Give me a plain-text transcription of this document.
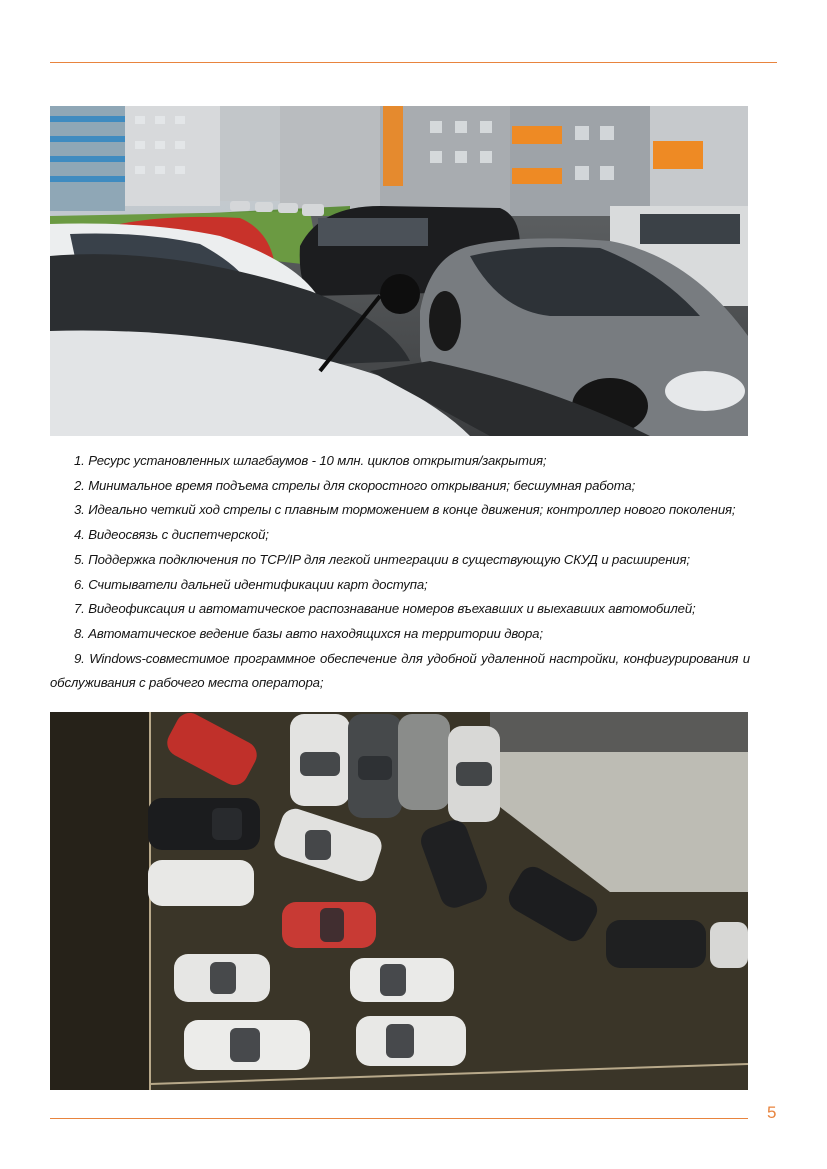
1. Ресурс установленных шлагбаумов - 10 млн. циклов открытия/закрытия;
2. Минимальное время подъема стрелы для скоростного открывания; бесшумная работа;
3. Идеально четкий ход стрелы с плавным торможением в конце движения; контроллер нового поколения;
4. Видеосвязь с диспетчерской;
5. Поддержка подключения по TCP/IP для легкой интеграции в существующую СКУД и расширения;
6. Считыватели дальней идентификации карт доступа;
7. Видеофиксация и автоматическое распознавание номеров въехавших и выехавших автомобилей;
8. Автоматическое ведение базы авто находящихся на территории двора;
9. Windows-совместимое программное обеспечение для удобной удаленной настройки, конфигурирования и обслуживания с рабочего места оператора;
5
